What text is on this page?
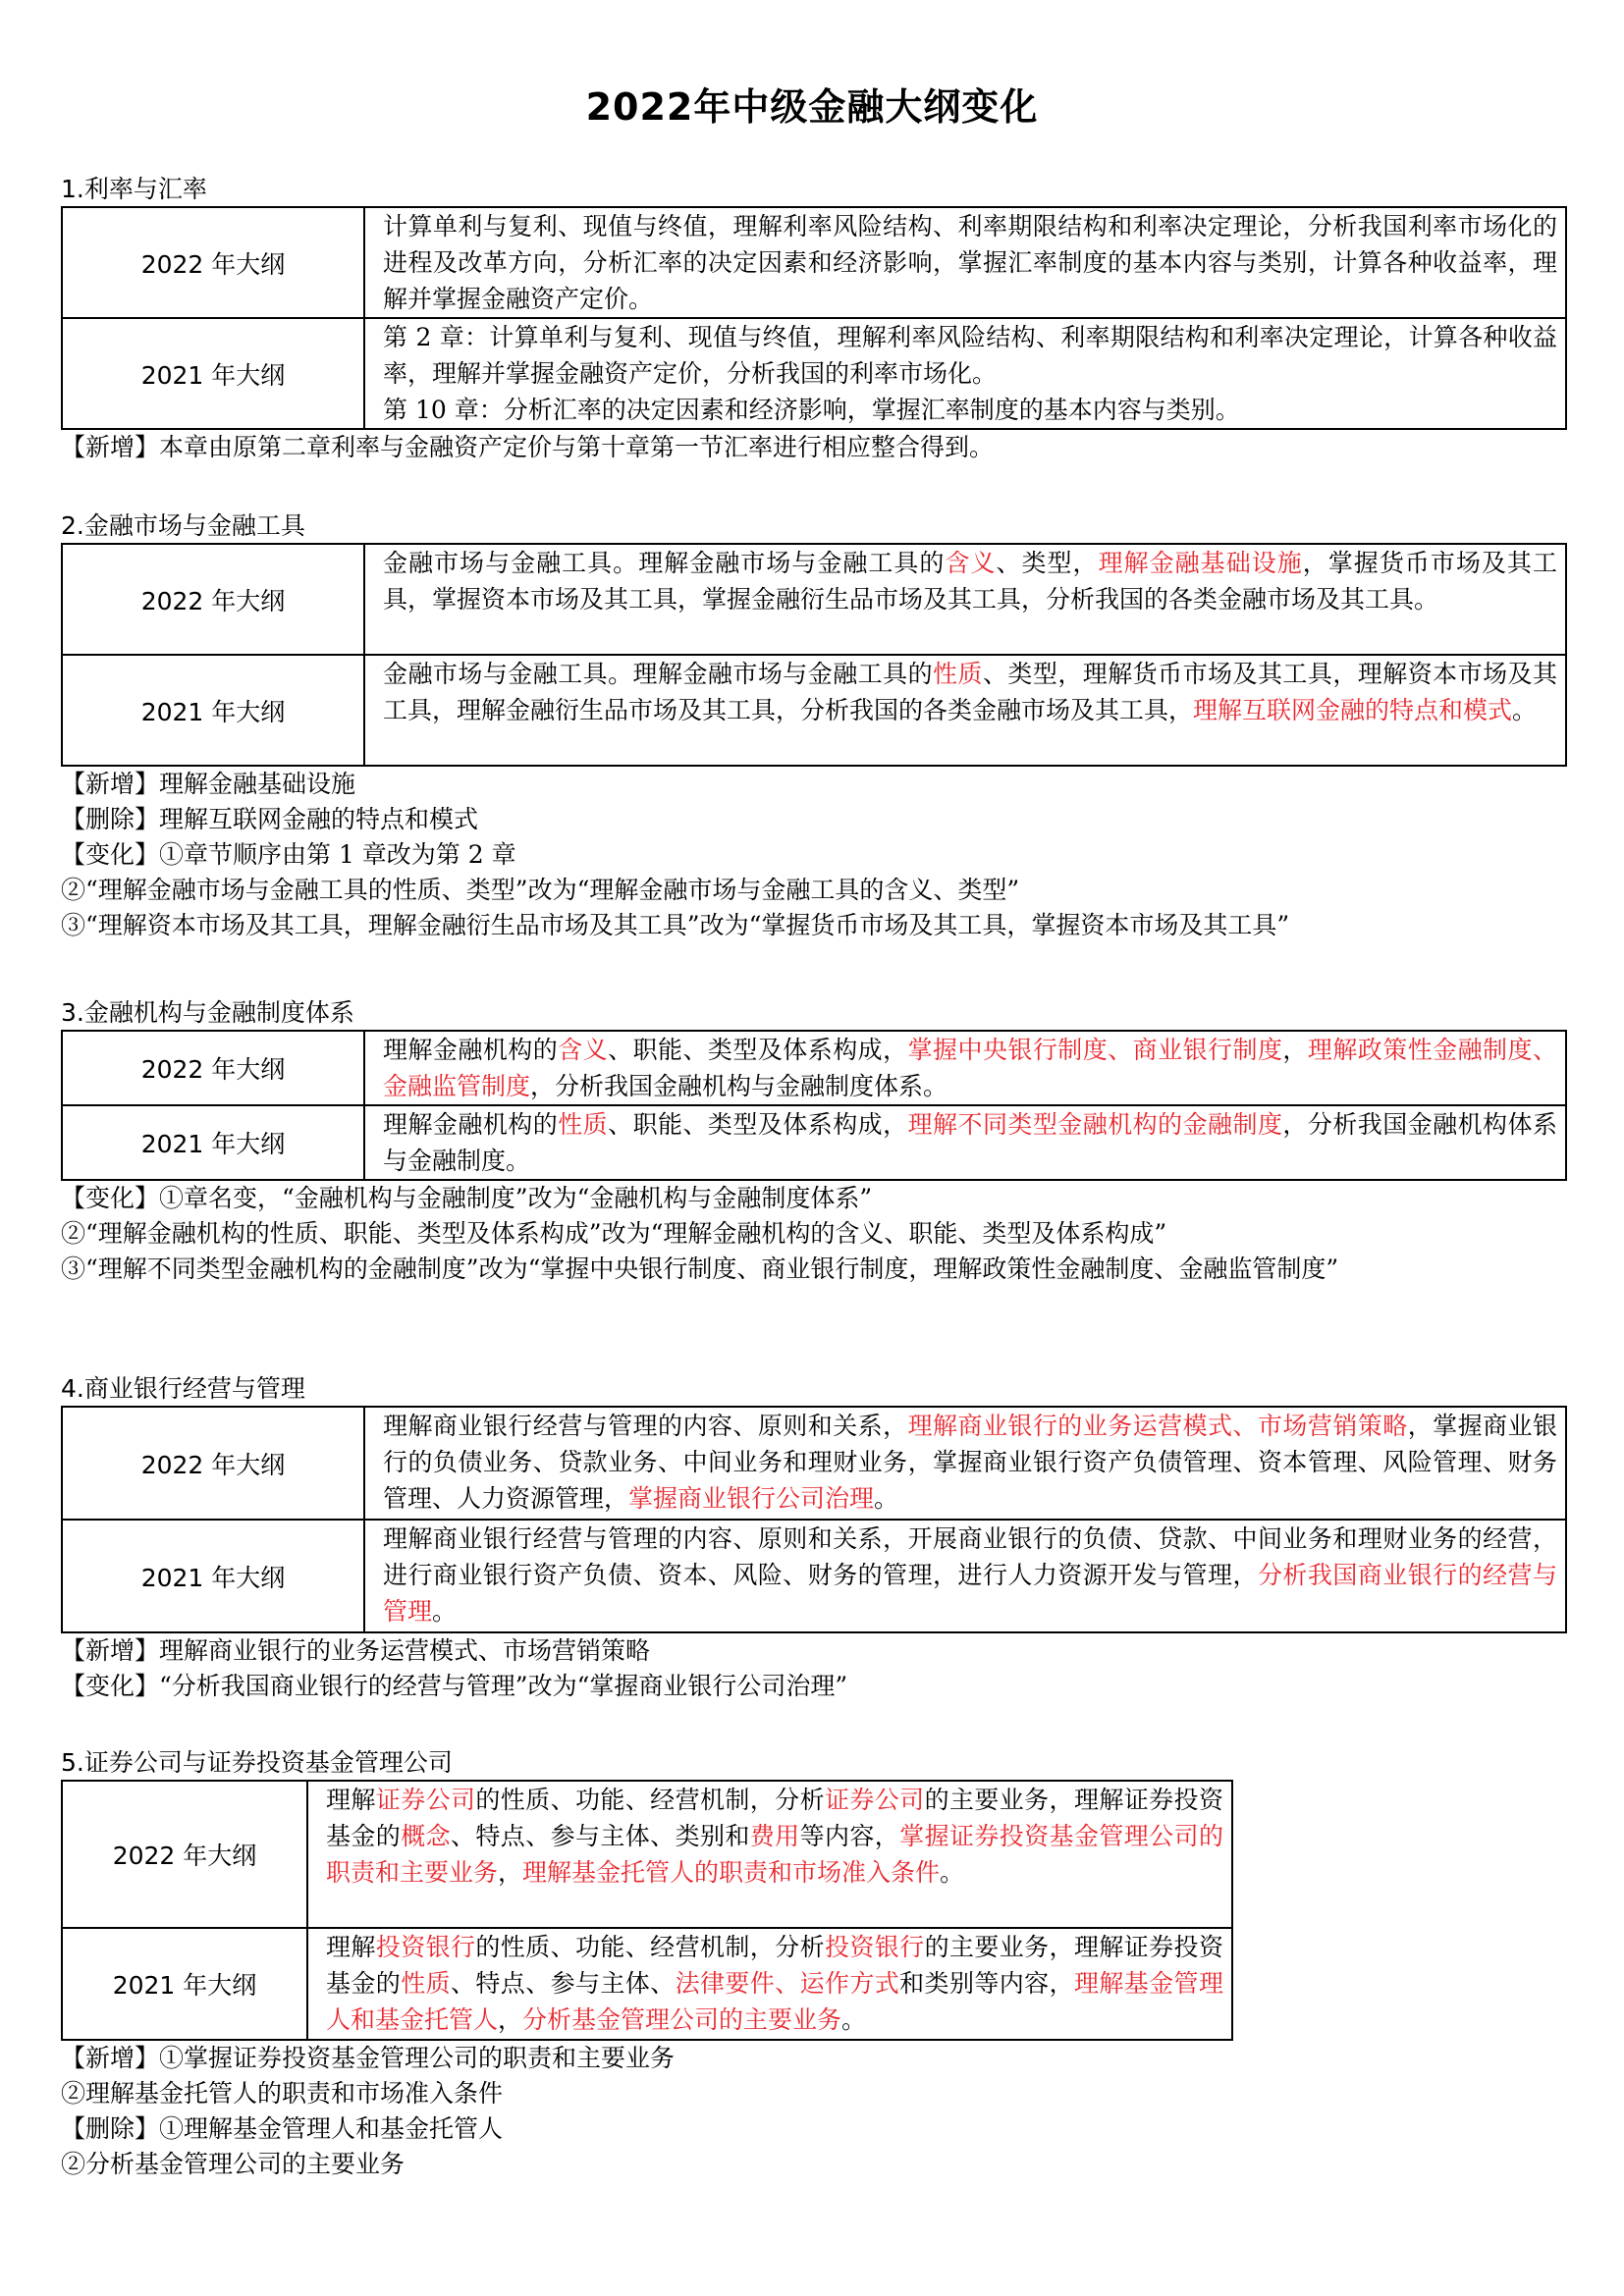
2022年中级金融大纲变化
1.利率与汇率
2022 年大纲	计算单利与复利、现值与终值，理解利率风险结构、利率期限结构和利率决定理论，分析我国利率市场化的进程及改革方向，分析汇率的决定因素和经济影响，掌握汇率制度的基本内容与类别，计算各种收益率，理解并掌握金融资产定价。
2021 年大纲	第 2 章：计算单利与复利、现值与终值，理解利率风险结构、利率期限结构和利率决定理论，计算各种收益率，理解并掌握金融资产定价，分析我国的利率市场化。
第 10 章：分析汇率的决定因素和经济影响，掌握汇率制度的基本内容与类别。
【新增】本章由原第二章利率与金融资产定价与第十章第一节汇率进行相应整合得到。
2.金融市场与金融工具
2022 年大纲	金融市场与金融工具。理解金融市场与金融工具的含义、类型，理解金融基础设施，掌握货币市场及其工具，掌握资本市场及其工具，掌握金融衍生品市场及其工具，分析我国的各类金融市场及其工具。
2021 年大纲	金融市场与金融工具。理解金融市场与金融工具的性质、类型，理解货币市场及其工具，理解资本市场及其工具，理解金融衍生品市场及其工具，分析我国的各类金融市场及其工具，理解互联网金融的特点和模式。
【新增】理解金融基础设施
【删除】理解互联网金融的特点和模式
【变化】①章节顺序由第 1 章改为第 2 章
②“理解金融市场与金融工具的性质、类型”改为“理解金融市场与金融工具的含义、类型”
③“理解资本市场及其工具，理解金融衍生品市场及其工具”改为“掌握货币市场及其工具，掌握资本市场及其工具”
3.金融机构与金融制度体系
2022 年大纲	理解金融机构的含义、职能、类型及体系构成，掌握中央银行制度、商业银行制度，理解政策性金融制度、金融监管制度，分析我国金融机构与金融制度体系。
2021 年大纲	理解金融机构的性质、职能、类型及体系构成，理解不同类型金融机构的金融制度，分析我国金融机构体系与金融制度。
【变化】①章名变，“金融机构与金融制度”改为“金融机构与金融制度体系”
②“理解金融机构的性质、职能、类型及体系构成”改为“理解金融机构的含义、职能、类型及体系构成”
③“理解不同类型金融机构的金融制度”改为“掌握中央银行制度、商业银行制度，理解政策性金融制度、金融监管制度”
4.商业银行经营与管理
2022 年大纲	理解商业银行经营与管理的内容、原则和关系，理解商业银行的业务运营模式、市场营销策略，掌握商业银行的负债业务、贷款业务、中间业务和理财业务，掌握商业银行资产负债管理、资本管理、风险管理、财务管理、人力资源管理，掌握商业银行公司治理。
2021 年大纲	理解商业银行经营与管理的内容、原则和关系，开展商业银行的负债、贷款、中间业务和理财业务的经营，进行商业银行资产负债、资本、风险、财务的管理，进行人力资源开发与管理，分析我国商业银行的经营与管理。
【新增】理解商业银行的业务运营模式、市场营销策略
【变化】“分析我国商业银行的经营与管理”改为“掌握商业银行公司治理”
5.证券公司与证券投资基金管理公司
2022 年大纲	理解证券公司的性质、功能、经营机制，分析证券公司的主要业务，理解证券投资基金的概念、特点、参与主体、类别和费用等内容，掌握证券投资基金管理公司的职责和主要业务，理解基金托管人的职责和市场准入条件。
2021 年大纲	理解投资银行的性质、功能、经营机制，分析投资银行的主要业务，理解证券投资基金的性质、特点、参与主体、法律要件、运作方式和类别等内容，理解基金管理人和基金托管人，分析基金管理公司的主要业务。
【新增】①掌握证券投资基金管理公司的职责和主要业务
②理解基金托管人的职责和市场准入条件
【删除】①理解基金管理人和基金托管人
②分析基金管理公司的主要业务
